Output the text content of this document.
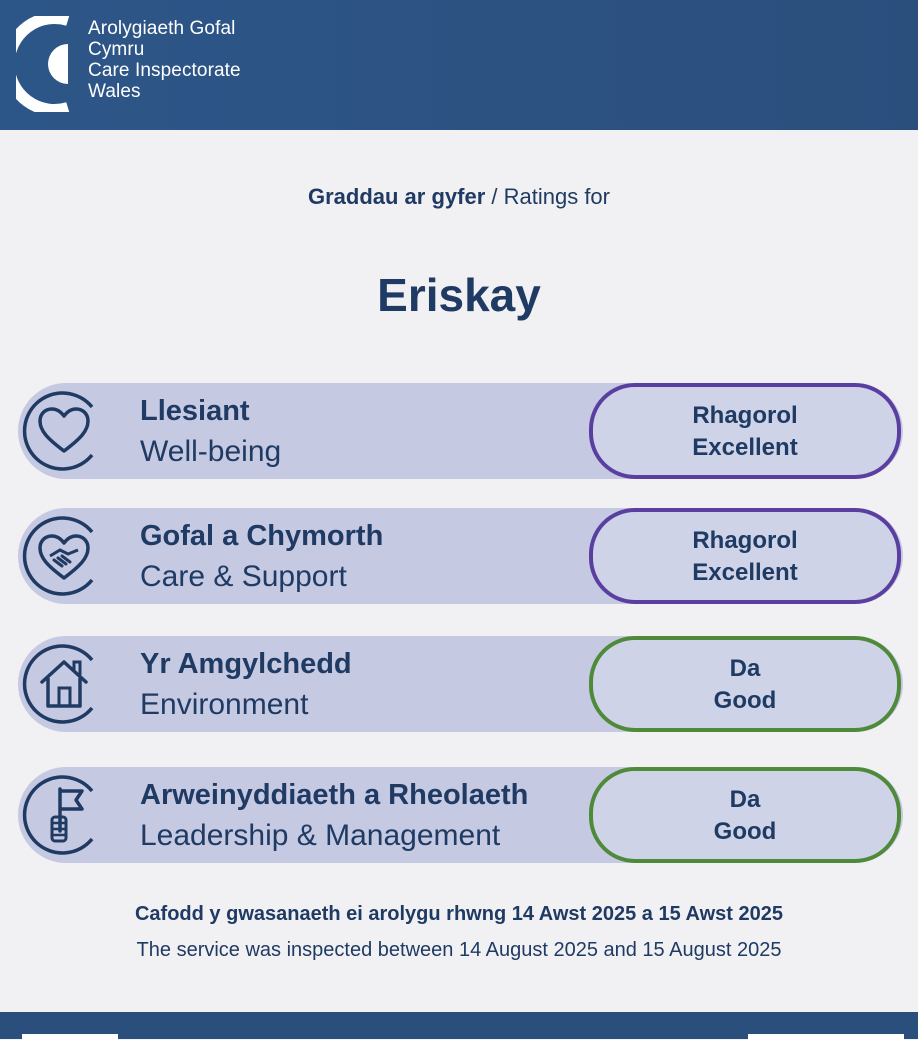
Arolygiaeth Gofal
Cymru
Care Inspectorate
Wales
Graddau ar gyfer / Ratings for
Eriskay
Llesiant
Well-being
Rhagorol
Excellent
Gofal a Chymorth
Care & Support
Rhagorol
Excellent
Yr Amgylchedd
Environment
Da
Good
Arweinyddiaeth a Rheolaeth
Leadership & Management
Da
Good
Cafodd y gwasanaeth ei arolygu rhwng 14 Awst 2025 a 15 Awst 2025
The service was inspected between 14 August 2025 and 15 August 2025
